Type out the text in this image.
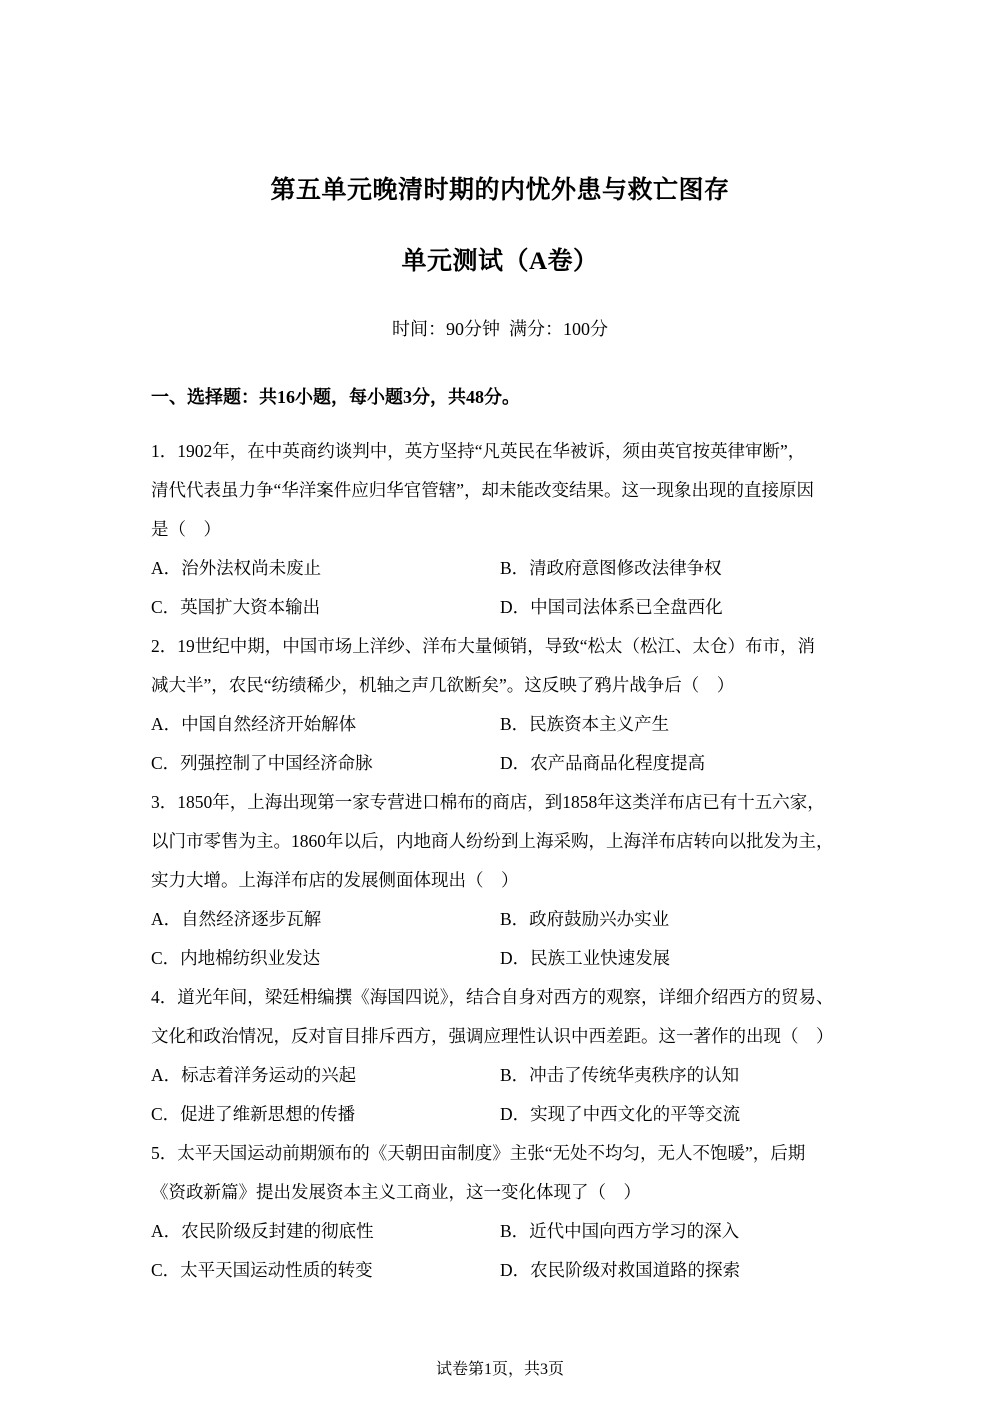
第五单元晚清时期的内忧外患与救亡图存
单元测试（A卷）
时间：90分钟 满分：100分
一、选择题：共16小题，每小题3分，共48分。
1．1902年，在中英商约谈判中，英方坚持“凡英民在华被诉，须由英官按英律审断”，
清代代表虽力争“华洋案件应归华官管辖”，却未能改变结果。这一现象出现的直接原因
是（　）
A．治外法权尚未废止	B．清政府意图修改法律争权
C．英国扩大资本输出	D．中国司法体系已全盘西化
2．19世纪中期，中国市场上洋纱、洋布大量倾销，导致“松太（松江、太仓）布市，消
减大半”，农民“纺绩稀少，机轴之声几欲断矣”。这反映了鸦片战争后（　）
A．中国自然经济开始解体	B．民族资本主义产生
C．列强控制了中国经济命脉	D．农产品商品化程度提高
3．1850年，上海出现第一家专营进口棉布的商店，到1858年这类洋布店已有十五六家，
以门市零售为主。1860年以后，内地商人纷纷到上海采购，上海洋布店转向以批发为主，
实力大增。上海洋布店的发展侧面体现出（　）
A．自然经济逐步瓦解	B．政府鼓励兴办实业
C．内地棉纺织业发达	D．民族工业快速发展
4．道光年间，梁廷枏编撰《海国四说》，结合自身对西方的观察，详细介绍西方的贸易、
文化和政治情况，反对盲目排斥西方，强调应理性认识中西差距。这一著作的出现（　）
A．标志着洋务运动的兴起	B．冲击了传统华夷秩序的认知
C．促进了维新思想的传播	D．实现了中西文化的平等交流
5．太平天国运动前期颁布的《天朝田亩制度》主张“无处不均匀，无人不饱暖”，后期
《资政新篇》提出发展资本主义工商业，这一变化体现了（　）
A．农民阶级反封建的彻底性	B．近代中国向西方学习的深入
C．太平天国运动性质的转变	D．农民阶级对救国道路的探索
试卷第1页，共3页
